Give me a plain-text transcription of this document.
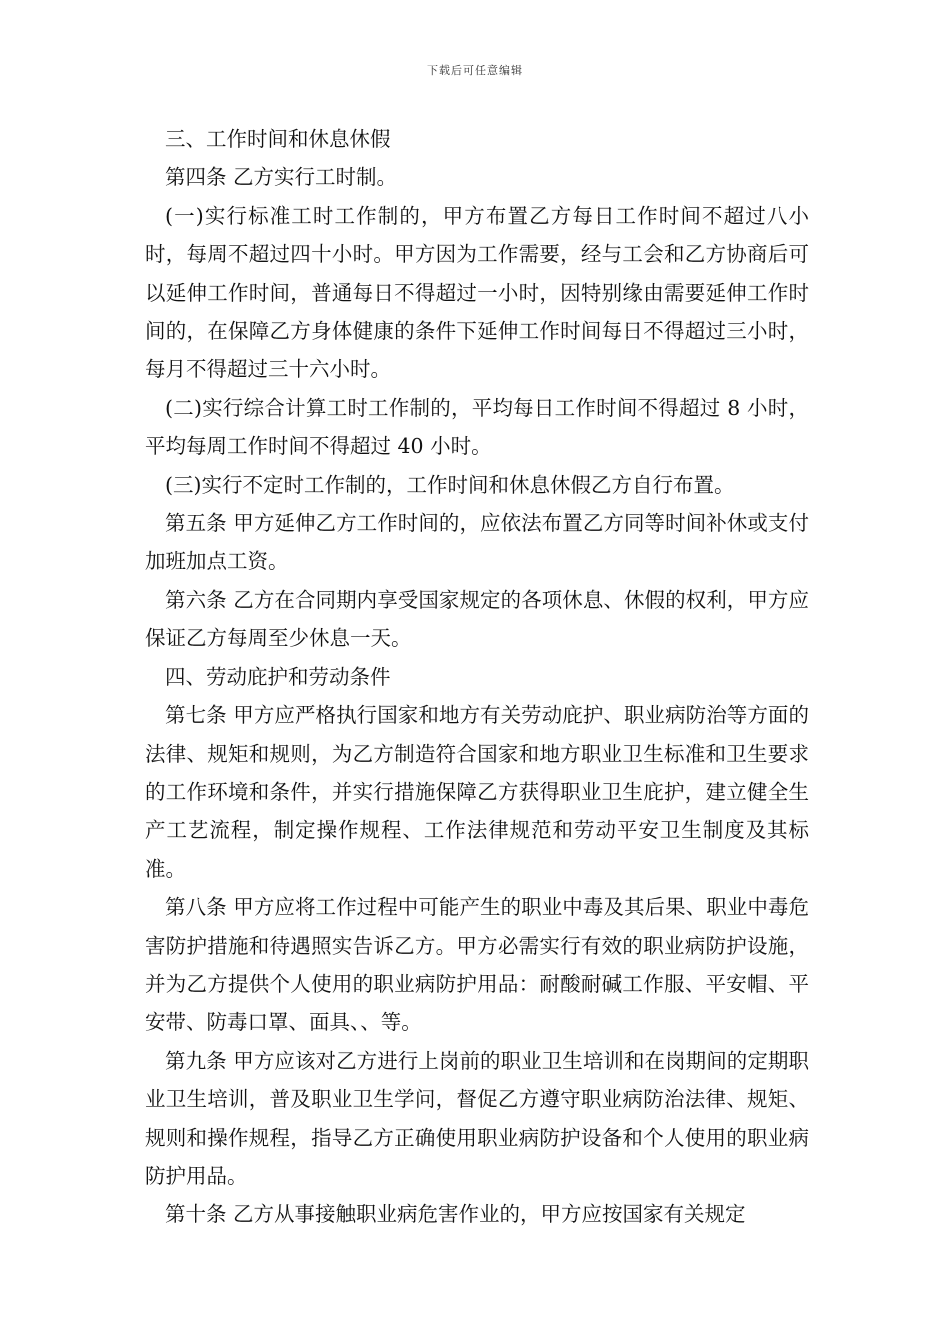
下载后可任意编辑

三、工作时间和休息休假

第四条 乙方实行工时制。

(一)实行标准工时工作制的，甲方布置乙方每日工作时间不超过八小时，每周不超过四十小时。甲方因为工作需要，经与工会和乙方协商后可以延伸工作时间，普通每日不得超过一小时，因特别缘由需要延伸工作时间的，在保障乙方身体健康的条件下延伸工作时间每日不得超过三小时，每月不得超过三十六小时。

(二)实行综合计算工时工作制的，平均每日工作时间不得超过 8 小时，平均每周工作时间不得超过 40 小时。

(三)实行不定时工作制的，工作时间和休息休假乙方自行布置。

第五条 甲方延伸乙方工作时间的，应依法布置乙方同等时间补休或支付加班加点工资。

第六条 乙方在合同期内享受国家规定的各项休息、休假的权利，甲方应保证乙方每周至少休息一天。

四、劳动庇护和劳动条件

第七条 甲方应严格执行国家和地方有关劳动庇护、职业病防治等方面的法律、规矩和规则，为乙方制造符合国家和地方职业卫生标准和卫生要求的工作环境和条件，并实行措施保障乙方获得职业卫生庇护，建立健全生产工艺流程，制定操作规程、工作法律规范和劳动平安卫生制度及其标准。

第八条 甲方应将工作过程中可能产生的职业中毒及其后果、职业中毒危害防护措施和待遇照实告诉乙方。甲方必需实行有效的职业病防护设施，并为乙方提供个人使用的职业病防护用品：耐酸耐碱工作服、平安帽、平安带、防毒口罩、面具、、等。

第九条 甲方应该对乙方进行上岗前的职业卫生培训和在岗期间的定期职业卫生培训，普及职业卫生学问，督促乙方遵守职业病防治法律、规矩、规则和操作规程，指导乙方正确使用职业病防护设备和个人使用的职业病防护用品。

第十条 乙方从事接触职业病危害作业的，甲方应按国家有关规定
